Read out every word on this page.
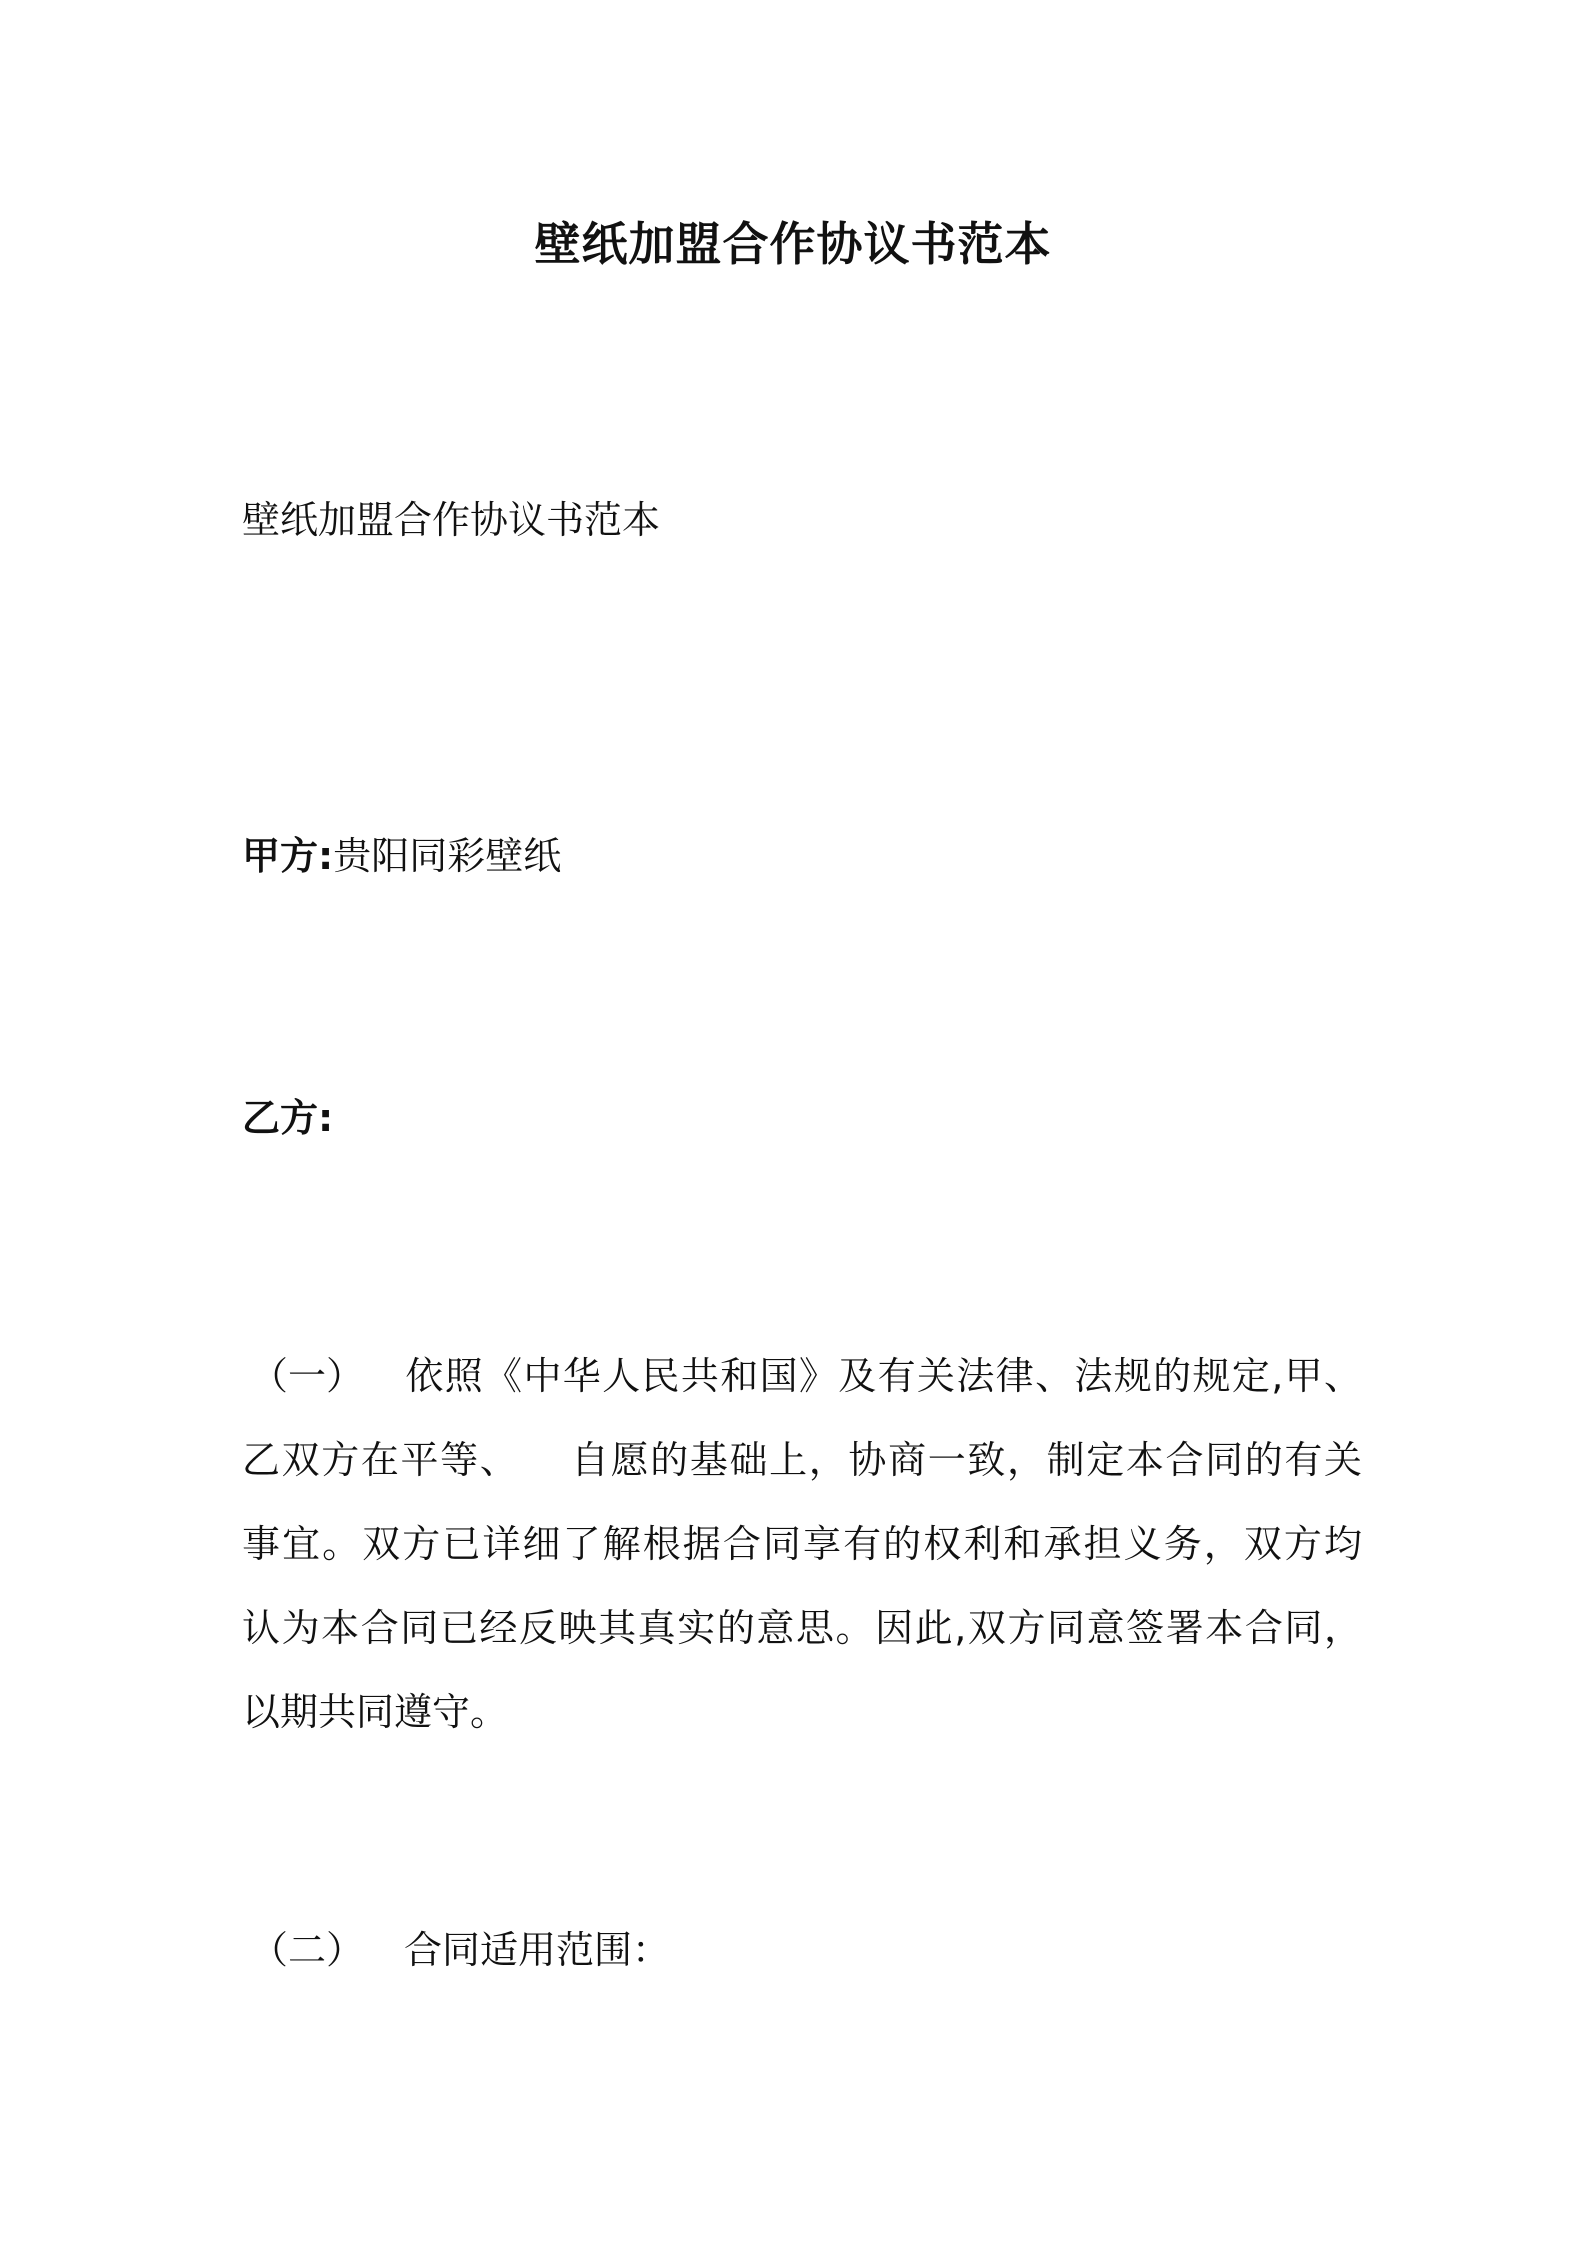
壁纸加盟合作协议书范本
壁纸加盟合作协议书范本
甲方:贵阳同彩壁纸
乙方:
（一） 依照《中华人民共和国》及有关法律、法规的规定,甲、
乙双方在平等、 自愿的基础上，协商一致，制定本合同的有关
事宜。双方已详细了解根据合同享有的权利和承担义务，双方均
认为本合同已经反映其真实的意思。因此,双方同意签署本合同，
以期共同遵守。
（二） 合同适用范围：
